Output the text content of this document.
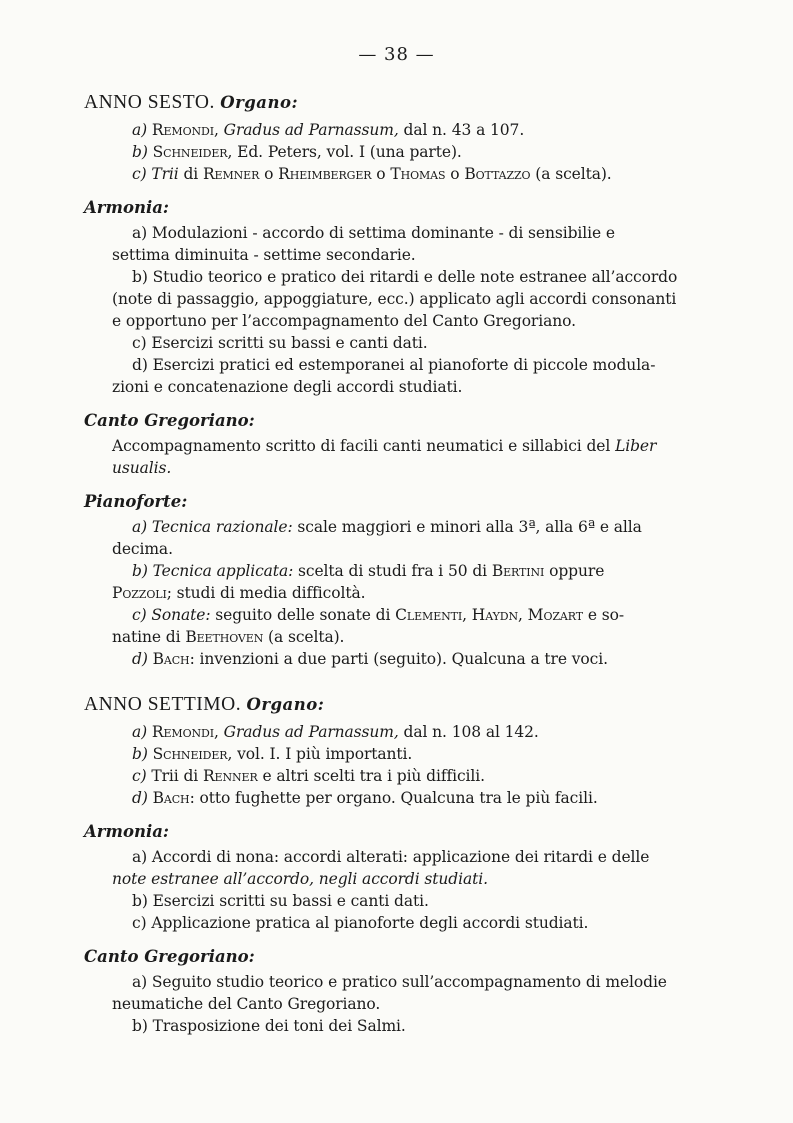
— 38 —
ANNO SESTO. Organo:
a) Remondi, Gradus ad Parnassum, dal n. 43 a 107.
b) Schneider, Ed. Peters, vol. I (una parte).
c) Trii di Remner o Rheimberger o Thomas o Bottazzo (a scelta).
Armonia:
a) Modulazioni - accordo di settima dominante - di sensibilie e
settima diminuita - settime secondarie.
b) Studio teorico e pratico dei ritardi e delle note estranee all’accordo
(note di passaggio, appoggiature, ecc.) applicato agli accordi consonanti
e opportuno per l’accompagnamento del Canto Gregoriano.
c) Esercizi scritti su bassi e canti dati.
d) Esercizi pratici ed estemporanei al pianoforte di piccole modula-
zioni e concatenazione degli accordi studiati.
Canto Gregoriano:
Accompagnamento scritto di facili canti neumatici e sillabici del Liber
usualis.
Pianoforte:
a) Tecnica razionale: scale maggiori e minori alla 3ª, alla 6ª e alla
decima.
b) Tecnica applicata: scelta di studi fra i 50 di Bertini oppure
Pozzoli; studi di media difficoltà.
c) Sonate: seguito delle sonate di Clementi, Haydn, Mozart e so-
natine di Beethoven (a scelta).
d) Bach: invenzioni a due parti (seguito). Qualcuna a tre voci.
ANNO SETTIMO. Organo:
a) Remondi, Gradus ad Parnassum, dal n. 108 al 142.
b) Schneider, vol. I. I più importanti.
c) Trii di Renner e altri scelti tra i più difficili.
d) Bach: otto fughette per organo. Qualcuna tra le più facili.
Armonia:
a) Accordi di nona: accordi alterati: applicazione dei ritardi e delle
note estranee all’accordo, negli accordi studiati.
b) Esercizi scritti su bassi e canti dati.
c) Applicazione pratica al pianoforte degli accordi studiati.
Canto Gregoriano:
a) Seguito studio teorico e pratico sull’accompagnamento di melodie
neumatiche del Canto Gregoriano.
b) Trasposizione dei toni dei Salmi.
